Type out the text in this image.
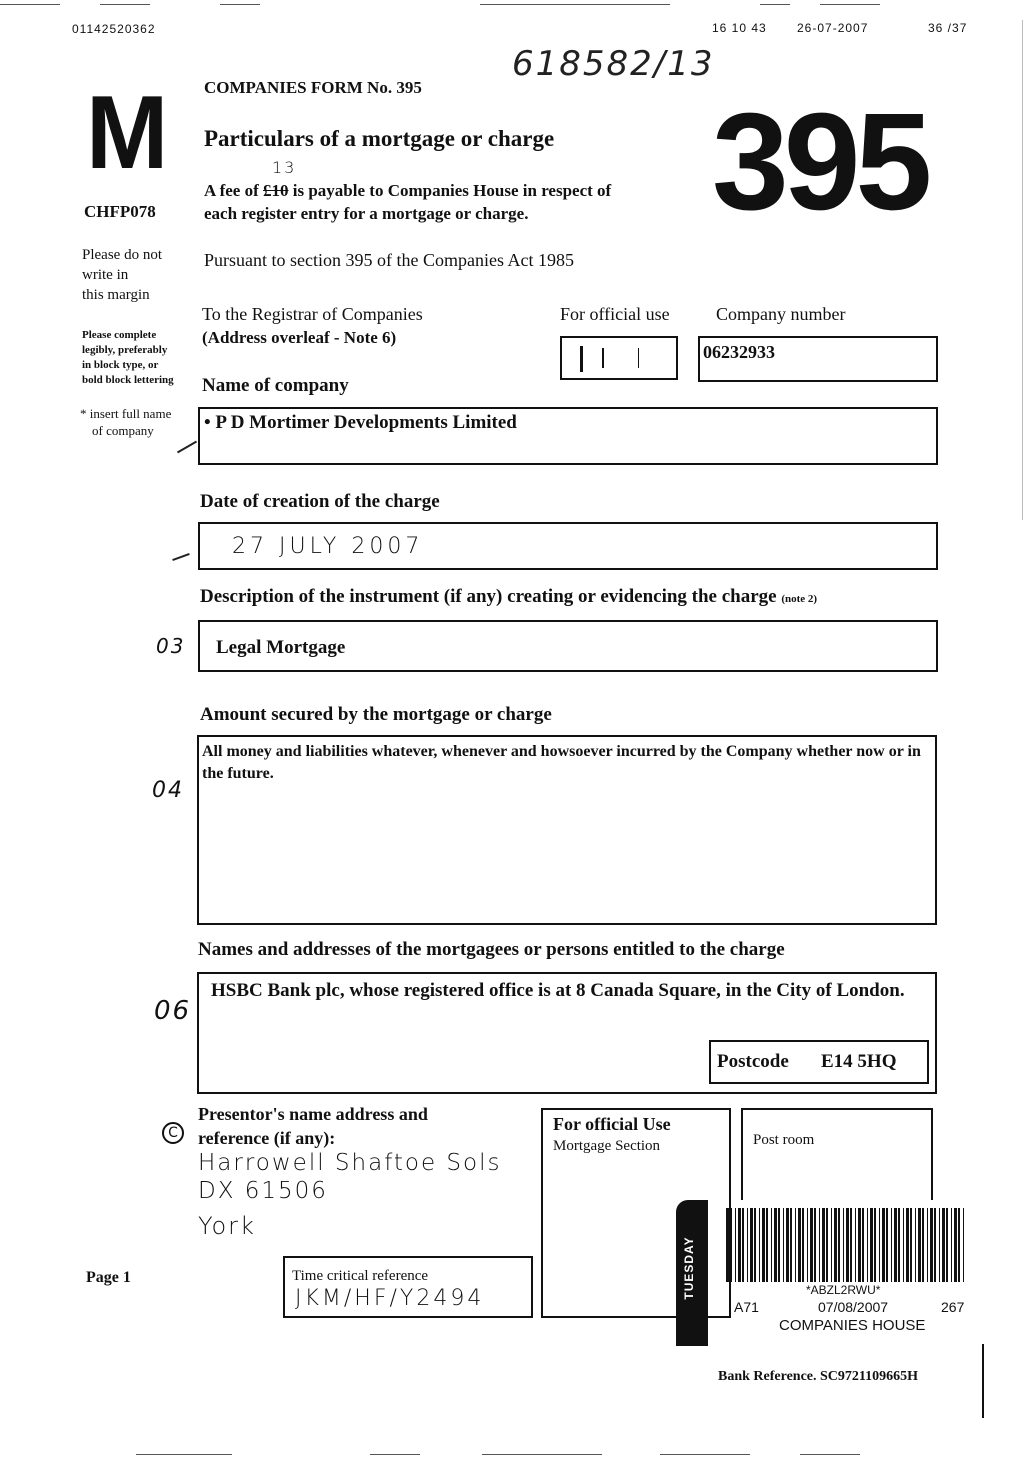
01142520362	16 10 43	26-07-2007	36 /37
M
CHFP078
COMPANIES FORM No. 395
618582/13
395
Particulars of a mortgage or charge
13
A fee of £10 is payable to Companies House in respect of
each register entry for a mortgage or charge.
Pursuant to section 395 of the Companies Act 1985
Please do not
write in
this margin
Please complete
legibly, preferably
in block type, or
bold block lettering
* insert full name
of company
To the Registrar of Companies
(Address overleaf - Note 6)
For official use	Company number
06232933
Name of company
• P D Mortimer Developments Limited
Date of creation of the charge
27 JULY 2007
Description of the instrument (if any) creating or evidencing the charge (note 2)
03 Legal Mortgage
Amount secured by the mortgage or charge
04
All money and liabilities whatever, whenever and howsoever incurred by the Company whether now or in the future.
Names and addresses of the mortgagees or persons entitled to the charge
06
HSBC Bank plc, whose registered office is at 8 Canada Square, in the City of London.
Postcode E14 5HQ
C
Presentor's name address and
reference (if any):
Harrowell Shaftoe Sols
DX 61506
York
Time critical reference
JKM/HF/Y2494
For official Use
Mortgage Section	Post room
TUESDAY	*ABZL2RWU*
A71	07/08/2007	267
COMPANIES HOUSE
Page 1
Bank Reference. SC9721109665H
